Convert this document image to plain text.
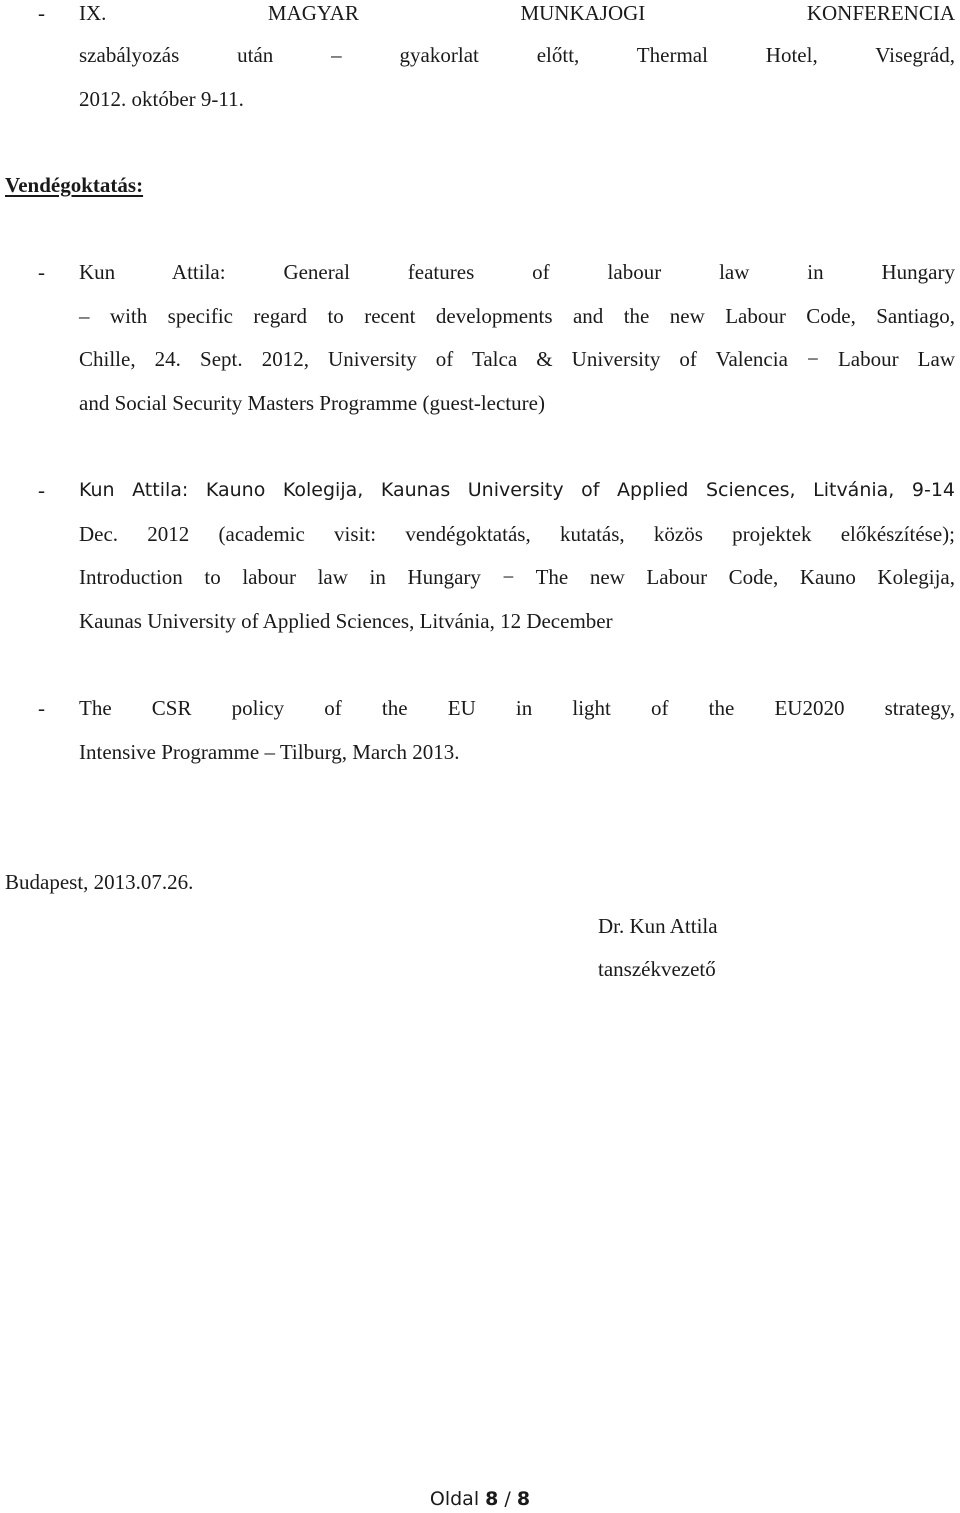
- IX. MAGYAR MUNKAJOGI KONFERENCIA
szabályozás után – gyakorlat előtt, Thermal Hotel, Visegrád,
2012. október 9-11.
Vendégoktatás:
- Kun Attila: General features of labour law in Hungary
– with specific regard to recent developments and the new Labour Code, Santiago,
Chille, 24. Sept. 2012, University of Talca & University of Valencia − Labour Law
and Social Security Masters Programme (guest-lecture)
- Kun Attila: Kauno Kolegija, Kaunas University of Applied Sciences, Litvánia, 9-14
Dec. 2012 (academic visit: vendégoktatás, kutatás, közös projektek előkészítése);
Introduction to labour law in Hungary − The new Labour Code, Kauno Kolegija,
Kaunas University of Applied Sciences, Litvánia, 12 December
- The CSR policy of the EU in light of the EU2020 strategy,
Intensive Programme – Tilburg, March 2013.
Budapest, 2013.07.26.
Dr. Kun Attila
tanszékvezető
Oldal 8 / 8
